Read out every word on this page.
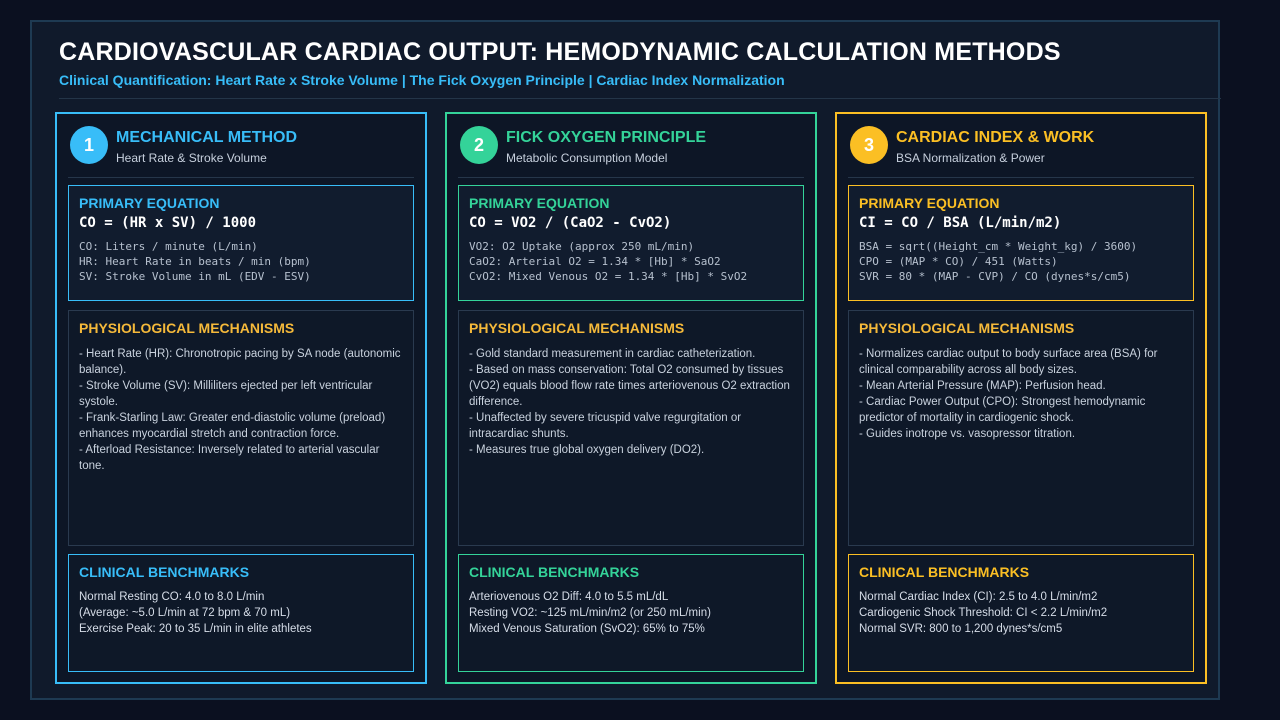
CARDIOVASCULAR CARDIAC OUTPUT: HEMODYNAMIC CALCULATION METHODS
Clinical Quantification: Heart Rate x Stroke Volume | The Fick Oxygen Principle | Cardiac Index Normalization
1	MECHANICAL METHOD
Heart Rate & Stroke Volume
PRIMARY EQUATION
CO = (HR x SV) / 1000
CO: Liters / minute (L/min)
HR: Heart Rate in beats / min (bpm)
SV: Stroke Volume in mL (EDV - ESV)
PHYSIOLOGICAL MECHANISMS

- Heart Rate (HR): Chronotropic pacing by SA node (autonomic balance).

- Stroke Volume (SV): Milliliters ejected per left ventricular systole.

- Frank-Starling Law: Greater end-diastolic volume (preload) enhances myocardial stretch and contraction force.

- Afterload Resistance: Inversely related to arterial vascular tone.

CLINICAL BENCHMARKS
Normal Resting CO: 4.0 to 8.0 L/min
(Average: ~5.0 L/min at 72 bpm & 70 mL)
Exercise Peak: 20 to 35 L/min in elite athletes
2	FICK OXYGEN PRINCIPLE
Metabolic Consumption Model
PRIMARY EQUATION
CO = VO2 / (CaO2 - CvO2)
VO2: O2 Uptake (approx 250 mL/min)
CaO2: Arterial O2 = 1.34 * [Hb] * SaO2
CvO2: Mixed Venous O2 = 1.34 * [Hb] * SvO2
PHYSIOLOGICAL MECHANISMS

- Gold standard measurement in cardiac catheterization.

- Based on mass conservation: Total O2 consumed by tissues (VO2) equals blood flow rate times arteriovenous O2 extraction difference.

- Unaffected by severe tricuspid valve regurgitation or intracardiac shunts.

- Measures true global oxygen delivery (DO2).

CLINICAL BENCHMARKS
Arteriovenous O2 Diff: 4.0 to 5.5 mL/dL
Resting VO2: ~125 mL/min/m2 (or 250 mL/min)
Mixed Venous Saturation (SvO2): 65% to 75%
3	CARDIAC INDEX & WORK
BSA Normalization & Power
PRIMARY EQUATION
CI = CO / BSA (L/min/m2)
BSA = sqrt((Height_cm * Weight_kg) / 3600)
CPO = (MAP * CO) / 451 (Watts)
SVR = 80 * (MAP - CVP) / CO (dynes*s/cm5)
PHYSIOLOGICAL MECHANISMS

- Normalizes cardiac output to body surface area (BSA) for clinical comparability across all body sizes.

- Mean Arterial Pressure (MAP): Perfusion head.

- Cardiac Power Output (CPO): Strongest hemodynamic predictor of mortality in cardiogenic shock.

- Guides inotrope vs. vasopressor titration.

CLINICAL BENCHMARKS
Normal Cardiac Index (CI): 2.5 to 4.0 L/min/m2
Cardiogenic Shock Threshold: CI < 2.2 L/min/m2
Normal SVR: 800 to 1,200 dynes*s/cm5
